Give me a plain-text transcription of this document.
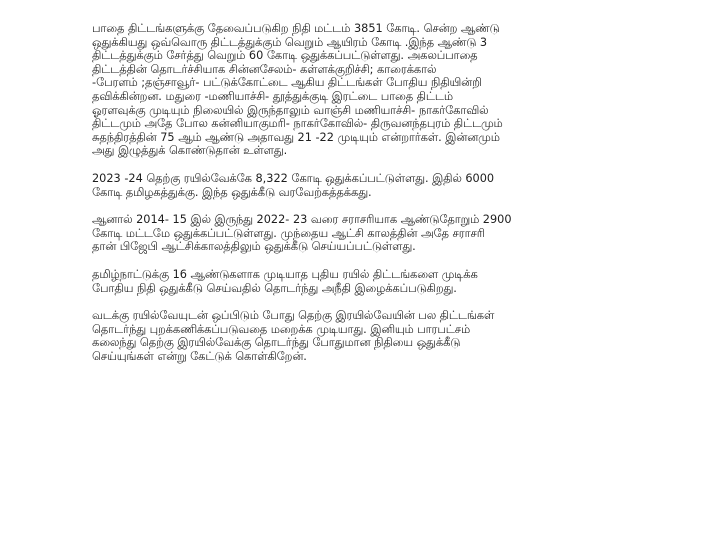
பாதை திட்டங்களுக்கு தேவைப்படுகிற நிதி மட்டம் 3851 கோடி. சென்ற ஆண்டு
ஒதுக்கியது ஒவ்வொரு திட்டத்துக்கும் வெறும் ஆயிரம் கோடி .இந்த ஆண்டு 3
திட்டத்துக்கும் சேர்த்து வெறும் 60 கோடி ஒதுக்கப்பட்டுள்ளது. அகலப்பாதை
திட்டத்தின் தொடர்ச்சியாக சின்னசேலம்- கள்ளக்குறிச்சி; காரைக்கால்
-பேரளம் ;தஞ்சாவூர்- பட்டுக்கோட்டை ஆகிய திட்டங்கள் போதிய நிதியின்றி
தவிக்கின்றன. மதுரை -மணியாச்சி- தூத்துக்குடி இரட்டை பாதை திட்டம்
ஓரளவுக்கு முடியும் நிலையில் இருந்தாலும் வாஞ்சி மணியாச்சி- நாகர்கோவில்
திட்டமும் அதே போல கன்னியாகுமரி- நாகர்கோவில்- திருவனந்தபுரம் திட்டமும்
சுதந்திரத்தின் 75 ஆம் ஆண்டு அதாவது 21 -22 முடியும் என்றார்கள். இன்னமும்
அது இழுத்துக் கொண்டுதான் உள்ளது.

2023 -24 தெற்கு ரயில்வேக்கே 8,322 கோடி ஒதுக்கப்பட்டுள்ளது. இதில் 6000
கோடி தமிழகத்துக்கு. இந்த ஒதுக்கீடு வரவேற்கத்தக்கது.

ஆனால் 2014- 15 இல் இருந்து 2022- 23 வரை சராசரியாக ஆண்டுதோறும் 2900
கோடி மட்டமே ஒதுக்கப்பட்டுள்ளது. முந்தைய ஆட்சி காலத்தின் அதே சராசரி
தான் பிஜேபி ஆட்சிக்காலத்திலும் ஒதுக்கீடு செய்யப்பட்டுள்ளது.

தமிழ்நாட்டுக்கு 16 ஆண்டுகளாக முடியாத புதிய ரயில் திட்டங்களை முடிக்க
போதிய நிதி ஒதுக்கீடு செய்வதில் தொடர்ந்து அநீதி இழைக்கப்படுகிறது.

வடக்கு ரயில்வேயுடன் ஒப்பிடும் போது தெற்கு இரயில்வேயின் பல திட்டங்கள்
தொடர்ந்து புறக்கணிக்கப்படுவதை மறைக்க முடியாது. இனியும் பாரபட்சம்
கலைந்து தெற்கு இரயில்வேக்கு தொடர்ந்து போதுமான நிதியை ஒதுக்கீடு
செய்யுங்கள் என்று கேட்டுக் கொள்கிறேன்.
